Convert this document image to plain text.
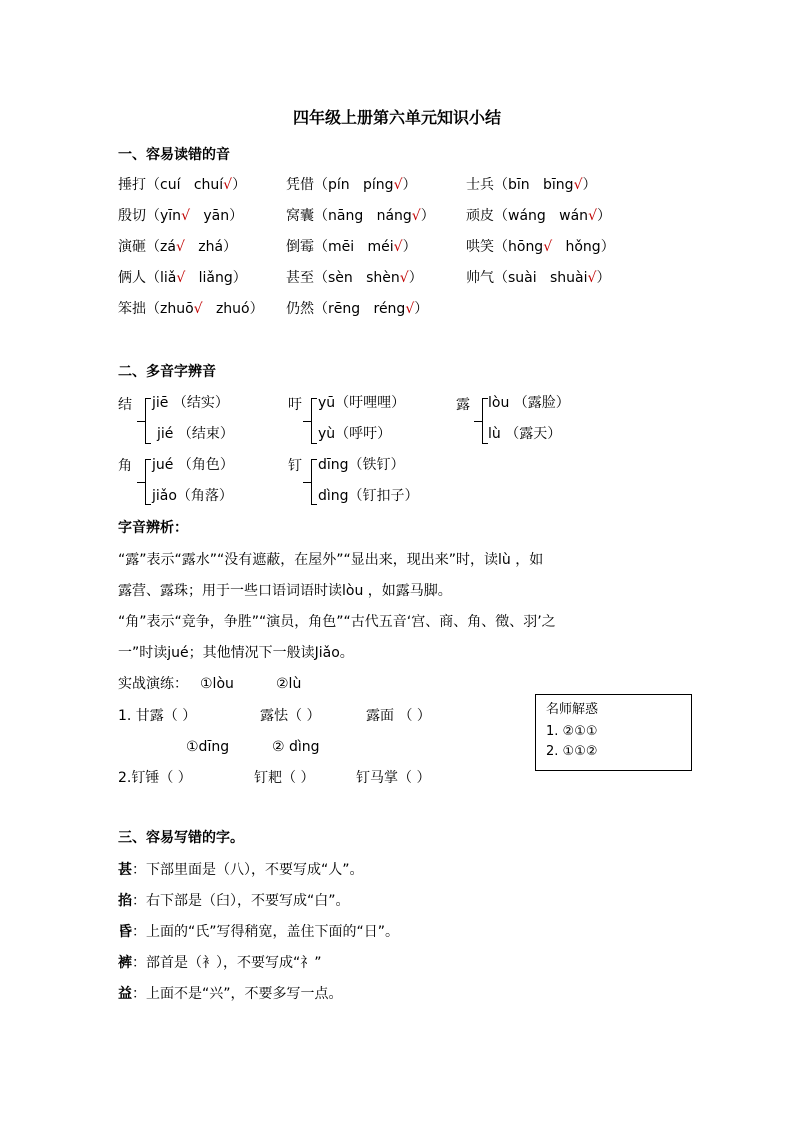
四年级上册第六单元知识小结
一、容易读错的音
捶打（cuí chuí√）	凭借（pín píng√）	士兵（bīn bīng√）
殷切（yīn√ yān）	窝囊（nāng náng√） 顽皮（wáng wán√）
演砸（zá√ zhá）	倒霉（mēi méi√）	哄笑（hōng√ hǒng）
俩人（liǎ√ liǎng）	甚至（sèn shèn√）	帅气（suài shuài√）
笨拙（zhuō√ zhuó） 仍然（rēng réng√）
二、多音字辨音
结 jiē （结实）
jié （结束）
吁 yū（吁哩哩）
yù（呼吁）
露 lòu （露脸）
lù （露天）
角 jué （角色）
jiǎo（角落）
钉 dīng（铁钉）
dìng（钉扣子）
字音辨析：
“露”表示“露水”“没有遮蔽，在屋外”“显出来，现出来”时，读lù ，如
露营、露珠；用于一些口语词语时读lòu ，如露马脚。
“角”表示“竞争，争胜”“演员，角色”“古代五音‘宫、商、角、徵、羽’之
一”时读jué；其他情况下一般读Jiǎo。
实战演练： ①lòu	②lù
1. 甘露（ ）	露怯（ ）	露面 （ ）
①dīng	② dìng
2.钉锤（ ）	钉耙（ ）	钉马掌（ ）
名师解惑
1. ②①①
2. ①①②
三、容易写错的字。
甚：下部里面是（八），不要写成“人”。
掐：右下部是（臼），不要写成“白”。
昏：上面的“氏”写得稍宽，盖住下面的“日”。
裤：部首是（衤），不要写成“礻”
益：上面不是“兴”，不要多写一点。
